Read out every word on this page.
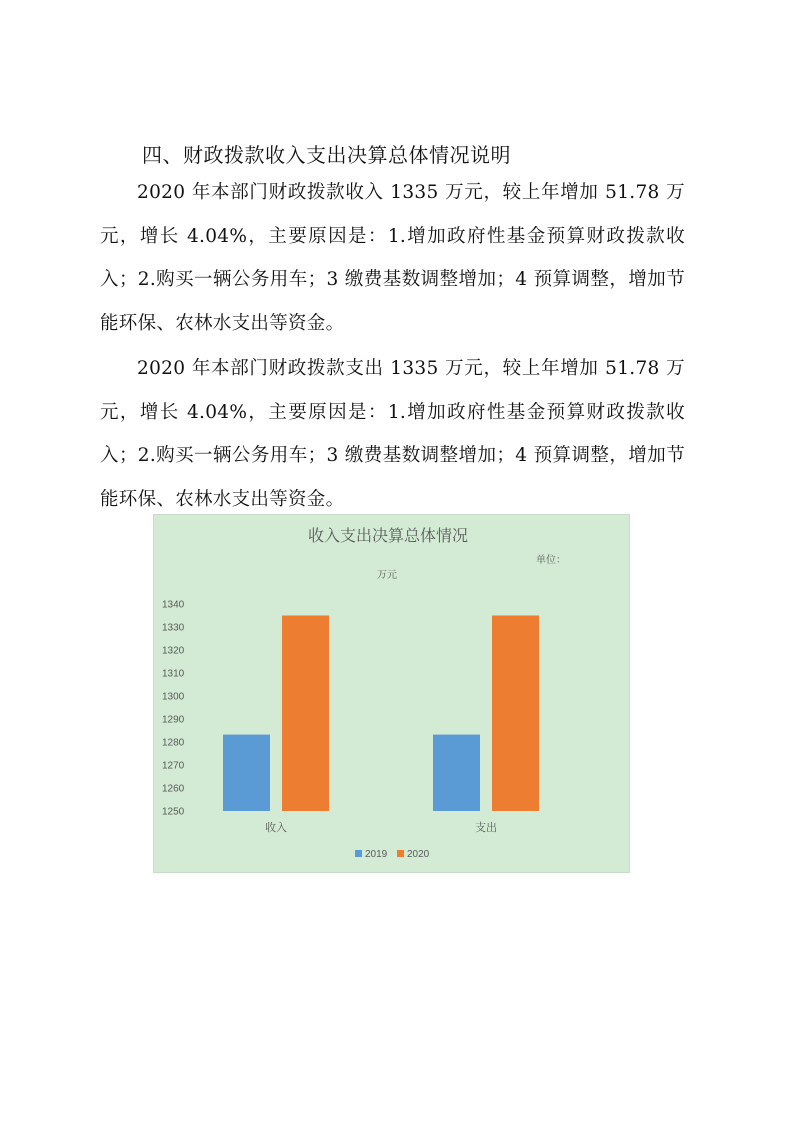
四、财政拨款收入支出决算总体情况说明

2020 年本部门财政拨款收入 1335 万元，较上年增加 51.78 万元，增长 4.04%，主要原因是：1.增加政府性基金预算财政拨款收入；2.购买一辆公务用车；3 缴费基数调整增加；4 预算调整，增加节能环保、农林水支出等资金。

2020 年本部门财政拨款支出 1335 万元，较上年增加 51.78 万元，增长 4.04%，主要原因是：1.增加政府性基金预算财政拨款收入；2.购买一辆公务用车；3 缴费基数调整增加；4 预算调整，增加节能环保、农林水支出等资金。

收入支出决算总体情况
单位：
万元
1250
1260
1270
1280
1290
1300
1310
1320
1330
1340
收入	支出
2019 2020
